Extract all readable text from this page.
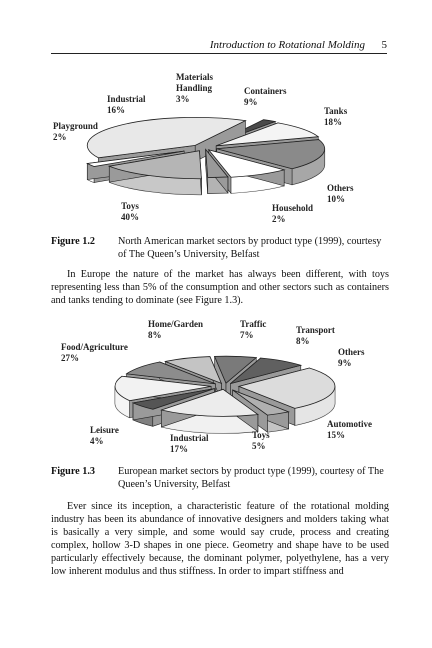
Introduction to Rotational Molding 5
Toys 40%
Household 2%
Others 10%
Tanks 18%
Containers 9%
Materials Handling 3%
Industrial 16%
Playground 2%
Figure 1.2 North American market sectors by product type (1999), courtesy of The Queen’s University, Belfast
In Europe the nature of the market has always been different, with toys representing less than 5% of the consumption and other sectors such as containers and tanks tending to dominate (see Figure 1.3).
Industrial 17%
Toys 5%
Automotive 15%
Others 9%
Transport 8%
Traffic 7%
Home/Garden 8%
Food/Agriculture 27%
Leisure 4%
Figure 1.3 European market sectors by product type (1999), courtesy of The Queen’s University, Belfast
Ever since its inception, a characteristic feature of the rotational molding industry has been its abundance of innovative designers and molders taking what is basically a very simple, and some would say crude, process and creating complex, hollow 3-D shapes in one piece. Geometry and shape have to be used particularly effectively because, the dominant polymer, polyethylene, has a very low inherent modulus and thus stiffness. In order to impart stiffness and
